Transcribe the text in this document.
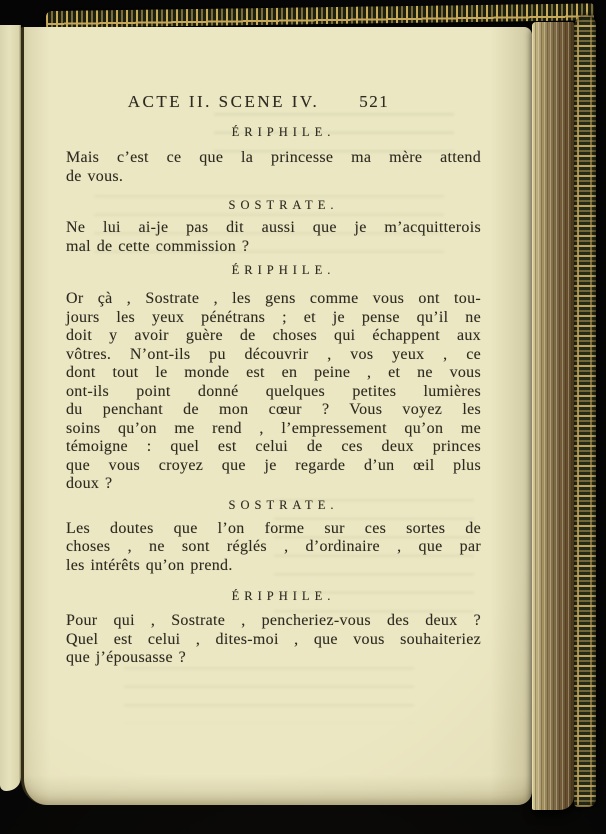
ACTE II. SCENE IV. 521
ÉRIPHILE.
Mais c’est ce que la princesse ma mère attend
de vous.
SOSTRATE.
Ne lui ai-je pas dit aussi que je m’acquitterois
mal de cette commission ?
ÉRIPHILE.
Or çà , Sostrate , les gens comme vous ont tou-
jours les yeux pénétrans ; et je pense qu’il ne
doit y avoir guère de choses qui échappent aux
vôtres. N’ont-ils pu découvrir , vos yeux , ce
dont tout le monde est en peine , et ne vous
ont-ils point donné quelques petites lumières
du penchant de mon cœur ? Vous voyez les
soins qu’on me rend , l’empressement qu’on me
témoigne : quel est celui de ces deux princes
que vous croyez que je regarde d’un œil plus
doux ?
SOSTRATE.
Les doutes que l’on forme sur ces sortes de
choses , ne sont réglés , d’ordinaire , que par
les intérêts qu’on prend.
ÉRIPHILE.
Pour qui , Sostrate , pencheriez-vous des deux ?
Quel est celui , dites-moi , que vous souhaiteriez
que j’épousasse ?
